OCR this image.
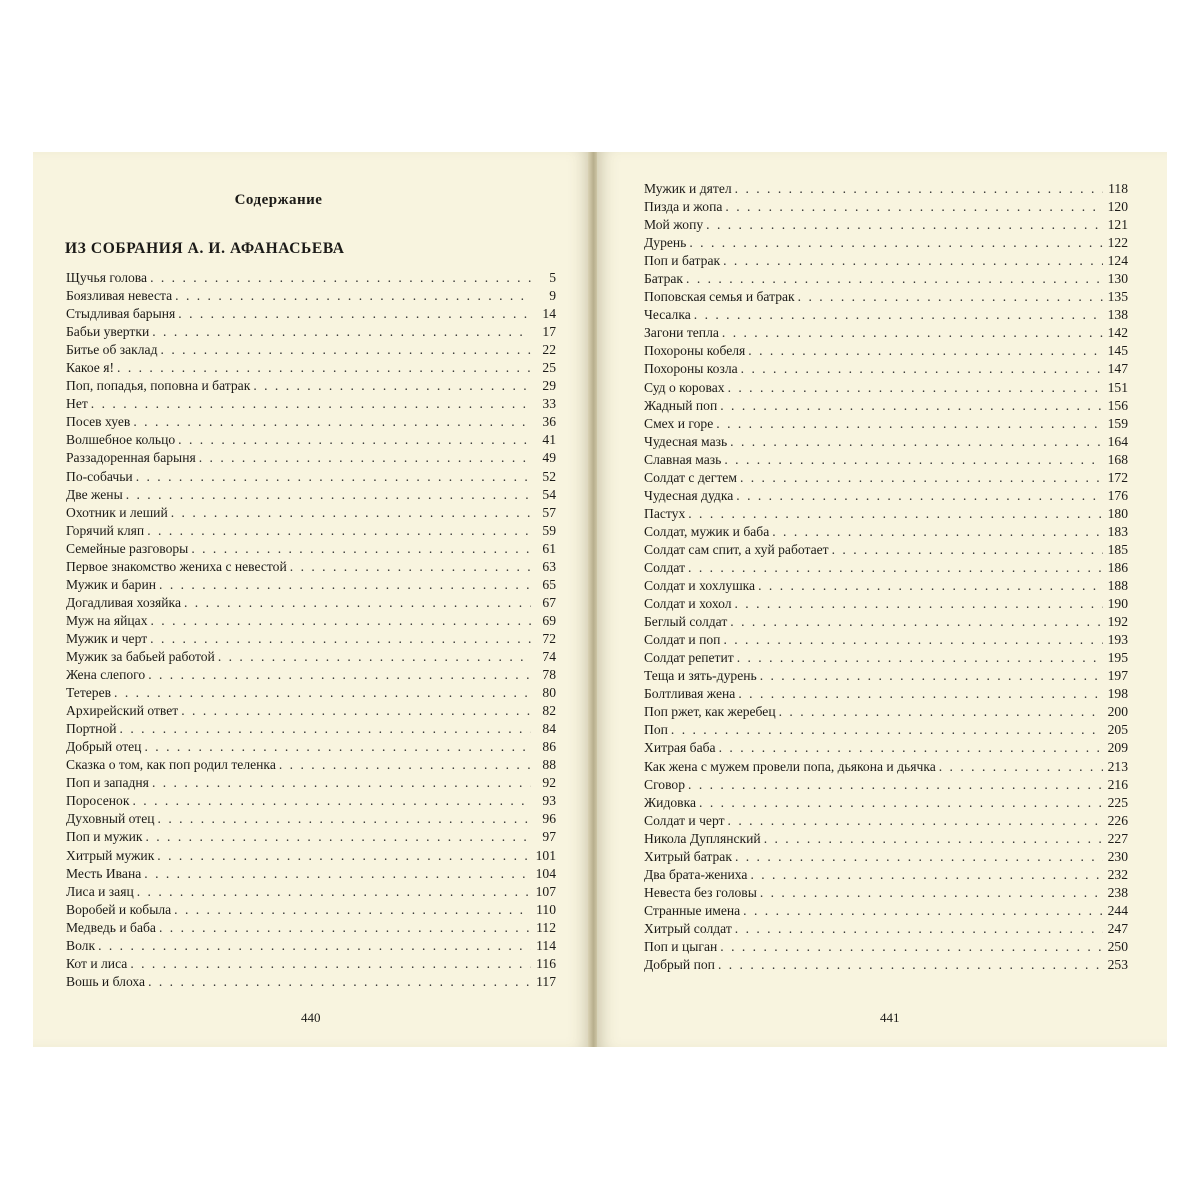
Содержание
ИЗ СОБРАНИЯ А. И. АФАНАСЬЕВА
Щучья голова . . .	5
Боязливая невеста . . .	9
Стыдливая барыня . . .	14
Бабьи увертки . . .	17
Битье об заклад . . .	22
Какое я! . . .	25
Поп, попадья, поповна и батрак . . .	29
Нет . . .	33
Посев хуев . . .	36
Волшебное кольцо . . .	41
Раззадоренная барыня . . .	49
По-собачьи . . .	52
Две жены . . .	54
Охотник и леший . . .	57
Горячий кляп . . .	59
Семейные разговоры . . .	61
Первое знакомство жениха с невестой . . .	63
Мужик и барин . . .	65
Догадливая хозяйка . . .	67
Муж на яйцах . . .	69
Мужик и черт . . .	72
Мужик за бабьей работой . . .	74
Жена слепого . . .	78
Тетерев . . .	80
Архирейский ответ . . .	82
Портной . . .	84
Добрый отец . . .	86
Сказка о том, как поп родил теленка . . .	88
Поп и западня . . .	92
Поросенок . . .	93
Духовный отец . . .	96
Поп и мужик . . .	97
Хитрый мужик . . .	101
Месть Ивана . . .	104
Лиса и заяц . . .	107
Воробей и кобыла . . .	110
Медведь и баба . . .	112
Волк . . .	114
Кот и лиса . . .	116
Вошь и блоха . . .	117
Мужик и дятел . . .	118
Пизда и жопа . . .	120
Мой жопу . . .	121
Дурень . . .	122
Поп и батрак . . .	124
Батрак . . .	130
Поповская семья и батрак . . .	135
Чесалка . . .	138
Загони тепла . . .	142
Похороны кобеля . . .	145
Похороны козла . . .	147
Суд о коровах . . .	151
Жадный поп . . .	156
Смех и горе . . .	159
Чудесная мазь . . .	164
Славная мазь . . .	168
Солдат с дегтем . . .	172
Чудесная дудка . . .	176
Пастух . . .	180
Солдат, мужик и баба . . .	183
Солдат сам спит, а хуй работает . . .	185
Солдат . . .	186
Солдат и хохлушка . . .	188
Солдат и хохол . . .	190
Беглый солдат . . .	192
Солдат и поп . . .	193
Солдат репетит . . .	195
Теща и зять-дурень . . .	197
Болтливая жена . . .	198
Поп ржет, как жеребец . . .	200
Поп . . .	205
Хитрая баба . . .	209
Как жена с мужем провели попа, дьякона и дьячка . . .	213
Сговор . . .	216
Жидовка . . .	225
Солдат и черт . . .	226
Никола Дуплянский . . .	227
Хитрый батрак . . .	230
Два брата-жениха . . .	232
Невеста без головы . . .	238
Странные имена . . .	244
Хитрый солдат . . .	247
Поп и цыган . . .	250
Добрый поп . . .	253
440	441
